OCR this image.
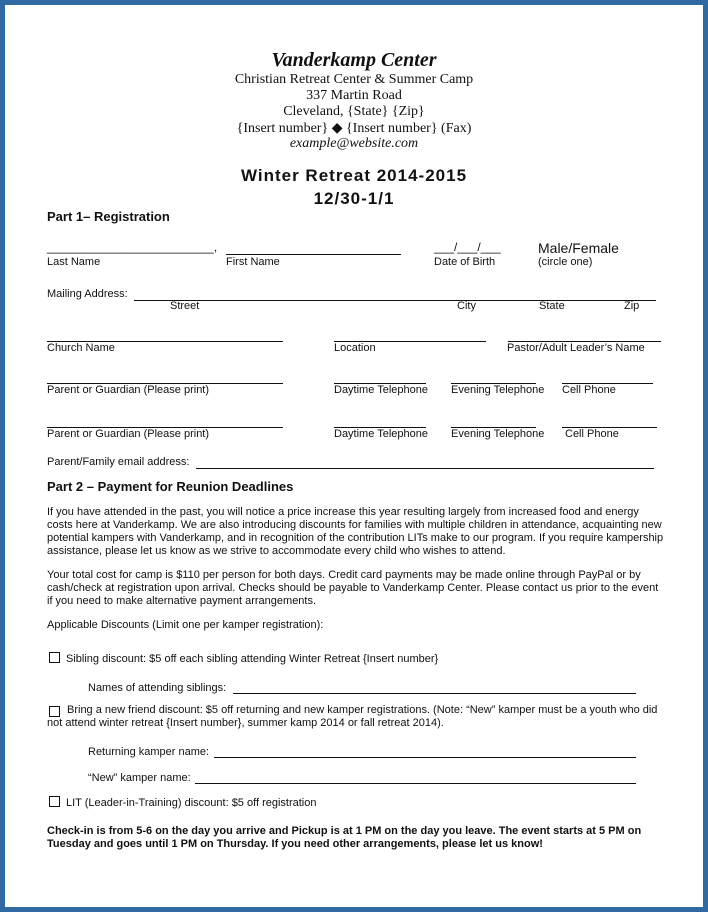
Vanderkamp Center
Christian Retreat Center & Summer Camp
337 Martin Road
Cleveland, {State} {Zip}
{Insert number} ◆ {Insert number} (Fax)
example@website.com
Winter Retreat 2014-2015
12/30-1/1
Part 1– Registration
_________________________,	___/___/___	Male/Female
Last Name	First Name	Date of Birth	(circle one)
Mailing Address:
Street	City	State	Zip
Church Name	Location	Pastor/Adult Leader’s Name
Parent or Guardian (Please print)	Daytime Telephone Evening Telephone Cell Phone
Parent or Guardian (Please print)	Daytime Telephone Evening Telephone Cell Phone
Parent/Family email address:
Part 2 – Payment for Reunion Deadlines
If you have attended in the past, you will notice a price increase this year resulting largely from increased food and energy costs here at Vanderkamp. We are also introducing discounts for families with multiple children in attendance, acquainting new potential kampers with Vanderkamp, and in recognition of the contribution LITs make to our program. If you require kampership assistance, please let us know as we strive to accommodate every child who wishes to attend.
Your total cost for camp is $110 per person for both days. Credit card payments may be made online through PayPal or by cash/check at registration upon arrival. Checks should be payable to Vanderkamp Center. Please contact us prior to the event if you need to make alternative payment arrangements.
Applicable Discounts (Limit one per kamper registration):
Sibling discount: $5 off each sibling attending Winter Retreat {Insert number}
Names of attending siblings:
Bring a new friend discount: $5 off returning and new kamper registrations. (Note: “New” kamper must be a youth who did not attend winter retreat {Insert number}, summer kamp 2014 or fall retreat 2014).
Returning kamper name:
“New” kamper name:
LIT (Leader-in-Training) discount: $5 off registration
Check-in is from 5-6 on the day you arrive and Pickup is at 1 PM on the day you leave. The event starts at 5 PM on Tuesday and goes until 1 PM on Thursday. If you need other arrangements, please let us know!
